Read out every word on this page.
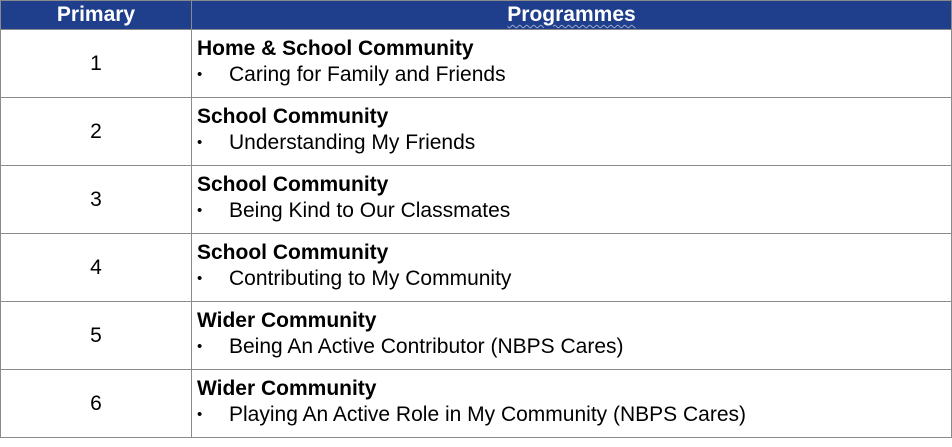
Primary	Programmes
1	Home & School Community
• Caring for Family and Friends

2	School Community
• Understanding My Friends

3	School Community
• Being Kind to Our Classmates

4	School Community
• Contributing to My Community

5	Wider Community
• Being An Active Contributor (NBPS Cares)

6	Wider Community
• Playing An Active Role in My Community (NBPS Cares)
